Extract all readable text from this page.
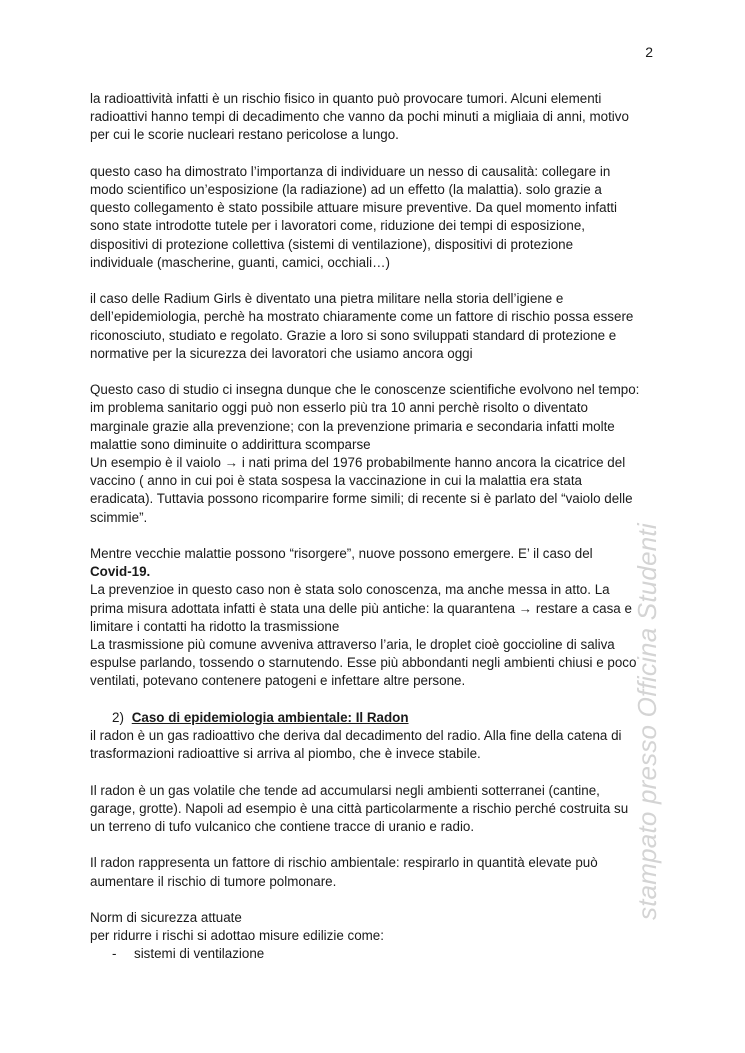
2

la radioattività infatti è un rischio fisico in quanto può provocare tumori. Alcuni elementi

radioattivi hanno tempi di decadimento che vanno da pochi minuti a migliaia di anni, motivo

per cui le scorie nucleari restano pericolose a lungo.

questo caso ha dimostrato l’importanza di individuare un nesso di causalità: collegare in

modo scientifico un’esposizione (la radiazione) ad un effetto (la malattia). solo grazie a

questo collegamento è stato possibile attuare misure preventive. Da quel momento infatti

sono state introdotte tutele per i lavoratori come, riduzione dei tempi di esposizione,

dispositivi di protezione collettiva (sistemi di ventilazione), dispositivi di protezione

individuale (mascherine, guanti, camici, occhiali…)

il caso delle Radium Girls è diventato una pietra militare nella storia dell’igiene e

dell’epidemiologia, perchè ha mostrato chiaramente come un fattore di rischio possa essere

riconosciuto, studiato e regolato. Grazie a loro si sono sviluppati standard di protezione e

normative per la sicurezza dei lavoratori che usiamo ancora oggi

Questo caso di studio ci insegna dunque che le conoscenze scientifiche evolvono nel tempo:

im problema sanitario oggi può non esserlo più tra 10 anni perchè risolto o diventato

marginale grazie alla prevenzione; con la prevenzione primaria e secondaria infatti molte

malattie sono diminuite o addirittura scomparse

Un esempio è il vaiolo → i nati prima del 1976 probabilmente hanno ancora la cicatrice del

vaccino ( anno in cui poi è stata sospesa la vaccinazione in cui la malattia era stata

eradicata). Tuttavia possono ricomparire forme simili; di recente si è parlato del “vaiolo delle

scimmie”.

Mentre vecchie malattie possono “risorgere”, nuove possono emergere. E’ il caso del

Covid-19.

La prevenzioe in questo caso non è stata solo conoscenza, ma anche messa in atto. La

prima misura adottata infatti è stata una delle più antiche: la quarantena → restare a casa e

limitare i contatti ha ridotto la trasmissione

La trasmissione più comune avveniva attraverso l’aria, le droplet cioè goccioline di saliva

espulse parlando, tossendo o starnutendo. Esse più abbondanti negli ambienti chiusi e poco

ventilati, potevano contenere patogeni e infettare altre persone.

2) Caso di epidemiologia ambientale: Il Radon

il radon è un gas radioattivo che deriva dal decadimento del radio. Alla fine della catena di

trasformazioni radioattive si arriva al piombo, che è invece stabile.

Il radon è un gas volatile che tende ad accumularsi negli ambienti sotterranei (cantine,

garage, grotte). Napoli ad esempio è una città particolarmente a rischio perché costruita su

un terreno di tufo vulcanico che contiene tracce di uranio e radio.

Il radon rappresenta un fattore di rischio ambientale: respirarlo in quantità elevate può

aumentare il rischio di tumore polmonare.

Norm di sicurezza attuate

per ridurre i rischi si adottao misure edilizie come:

- sistemi di ventilazione

stampato presso Officina Studenti
